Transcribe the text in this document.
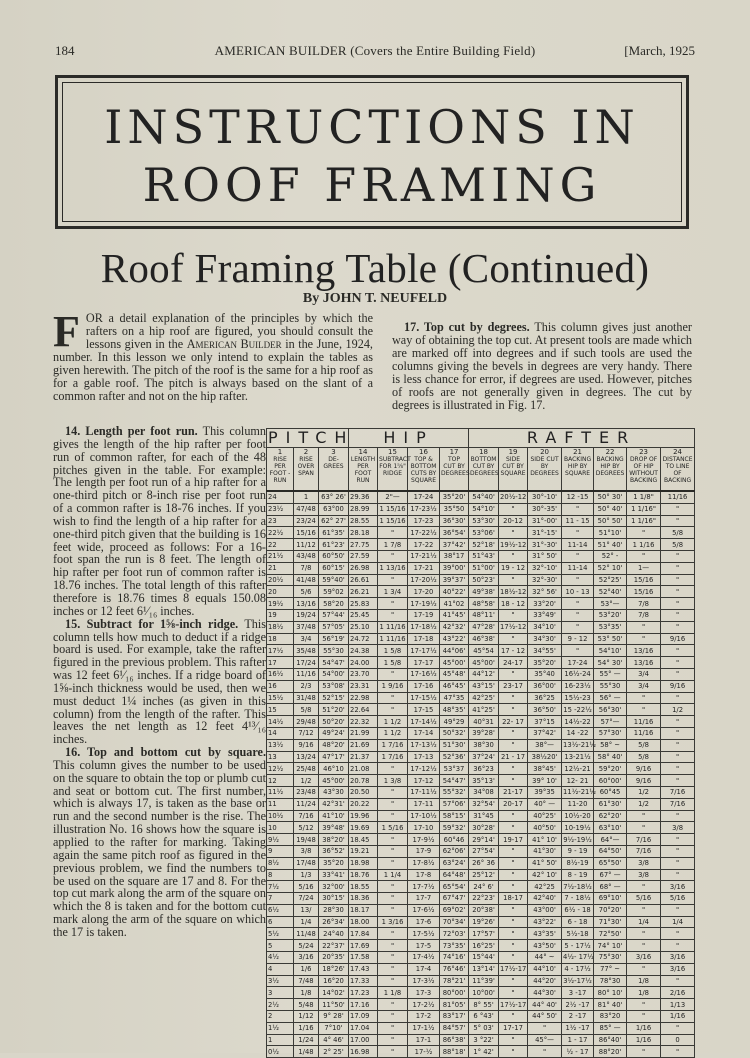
184	AMERICAN BUILDER (Covers the Entire Building Field)	[March, 1925
INSTRUCTIONS IN
ROOF FRAMING
Roof Framing Table (Continued)
By JOHN T. NEUFELD

FOR a detail explanation of the principles by which the rafters on a hip roof are figured, you should consult the lessons given in the American Builder in the June, 1924, number. In this lesson we only intend to explain the tables as given herewith. The pitch of the roof is the same for a hip roof as for a gable roof. The pitch is always based on the slant of a common rafter and not on the hip rafter.

17. Top cut by degrees. This column gives just another way of obtaining the top cut. At present tools are made which are marked off into degrees and if such tools are used the columns giving the bevels in degrees are very handy. There is less chance for error, if degrees are used. However, pitches of roofs are not generally given in degrees. The cut by degrees is illustrated in Fig. 17.

14. Length per foot run. This column gives the length of the hip rafter per foot run of common rafter, for each of the 48 pitches given in the table. For example: The length per foot run of a hip rafter for a one-third pitch or 8-inch rise per foot run of a common rafter is 18-76 inches. If you wish to find the length of a hip rafter for a one-third pitch given that the building is 16 feet wide, proceed as follows: For a 16-foot span the run is 8 feet. The length of hip rafter per foot run of common rafter is 18.76 inches. The total length of this rafter therefore is 18.76 times 8 equals 150.08 inches or 12 feet 6¹⁄₁₆ inches.

15. Subtract for 1⅝-inch ridge. This column tells how much to deduct if a ridge board is used. For example, take the rafter figured in the previous problem. This rafter was 12 feet 6¹⁄₁₆ inches. If a ridge board of 1⅝-inch thickness would be used, then we must deduct 1¼ inches (as given in this column) from the length of the rafter. This leaves the net length as 12 feet 4¹³⁄₁₆ inches.

16. Top and bottom cut by square. This column gives the number to be used on the square to obtain the top or plumb cut and seat or bottom cut. The first number, which is always 17, is taken as the base or run and the second number is the rise. The illustration No. 16 shows how the square is applied to the rafter for marking. Taking again the same pitch roof as figured in the previous problem, we find the numbers to be used on the square are 17 and 8. For the top cut mark along the arm of the square on which the 8 is taken and for the bottom cut mark along the arm of the square on which the 17 is taken.

PITCH			HIP				RAFTER						
1	2	3	14	15	16	17	18	19	20	21	22	23	24
RISE PER FOOT -RUN	RISE OVER SPAN	DE-GREES	LENGTH PER FOOT RUN	SUBTRACT FOR 1⅝" RIDGE	TOP & BOTTOM CUTS BY SQUARE	TOP CUT BY DEGREES	BOTTOM CUT BY DEGREES	SIDE CUT BY SQUARE	SIDE CUT BY DEGREES	BACKING HIP BY SQUARE	BACKING HIP BY DEGREES	DROP OF OF HIP WITHOUT BACKING	DISTANCE TO LINE OF BACKING
24	1	63° 26'	29.36	2"—	17-24	35°20'	54°40'	20½-12	30°-10'	12 -15	50° 30'	1 1/8"	11/16
23½	47/48	63°00	28.99	1 15/16	17-23½	35°50	54°10'	"	30°-35'	"	50° 40'	1 1/16"	"
23	23/24	62° 27'	28.55	1 15/16	17-23	36°30'	53°30'	20-12	31°-00'	11 - 15	50° 50'	1 1/16"	"
22½	15/16	61°35'	28.18	"	17-22½	36°54'	53°06'	"	31°-15'	"	51°10'	"	5/8
22	11/12	61°23'	27.75	1 7/8	17-22	37°42'	52°18'	19½-12	31°-30'	11-14	51° 40'	1 1/16	5/8
21½	43/48	60°50'	27.59	"	17-21½	38°17	51°43'	"	31° 50'	"	52° -	"	"
21	7/8	60°15'	26.98	1 13/16	17-21	39°00'	51°00'	19 - 12	32°-10'	11-14	52° 10'	1—	"
20½	41/48	59°40'	26.61	"	17-20½	39°37'	50°23'	"	32°-30'	"	52°25'	15/16	"
20	5/6	59°02	26.21	1 3/4	17-20	40°22'	49°38'	18½-12	32° 56'	10 - 13	52°40'	15/16	"
19½	13/16	58°20	25.83	"	17-19½	41°02	48°58'	18 - 12	33°20'	"	53°—	7/8	"
19	19/24	57°44'	25.45	"	17-19	41°45'	48°11'	"	33°49'	"	53°20'	7/8	"
18½	37/48	57°05'	25.10	1 11/16	17-18½	42°32'	47°28'	17½-12	34°10'	"	53°35'	"	"
18	3/4	56°19'	24.72	1 11/16	17-18	43°22'	46°38'	"	34°30'	9 - 12	53° 50'	"	9/16
17½	35/48	55°30	24.38	1 5/8	17-17½	44°06'	45°54	17 - 12	34°55'	"	54°10'	13/16	"
17	17/24	54°47'	24.00	1 5/8	17-17	45°00'	45°00'	24-17	35°20'	17-24	54° 30'	13/16	"
16½	11/16	54°00'	23.70	"	17-16½	45°48'	44°12'	"	35°40	16½-24	55° —	3/4	"
16	2/3	53°08'	23.31	1 9/16	17-16	46°45'	43°15'	23-17	36°00'	16-23½	55°30	3/4	9/16
15½	31/48	52°15'	22.98	"	17-15½	47°35	42°25'	"	36°25	15½-23	56° —	"	"
15	5/8	51°20'	22.64	"	17-15	48°35'	41°25'	"	36°50'	15 -22½	56°30'	"	1/2
14½	29/48	50°20'	22.32	1 1/2	17-14½	49°29	40°31	22- 17	37°15	14½-22	57°—	11/16	"
14	7/12	49°24'	21.99	1 1/2	17-14	50°32'	39°28'	"	37°42'	14 -22	57°30'	11/16	"
13½	9/16	48°20'	21.69	1 7/16	17-13½	51°30'	38°30	"	38°—	13½-21½	58° ~	5/8	"
13	13/24	47°17'	21.37	1 7/16	17-13	52°36'	37°24'	21 - 17	38½20'	13-21½	58° 40'	5/8	"
12½	25/48	46°10	21.08	"	17-12½	53°37	36°23	"	38°45'	12½-21	59°20'	9/16	"
12	1/2	45°00'	20.78	1 3/8	17-12	54°47'	35°13'	"	39° 10'	12- 21	60°00'	9/16	"
11½	23/48	43°30	20.50	"	17-11½	55°32'	34°08	21-17	39°35	11½-21½	60°45	1/2	7/16
11	11/24	42°31'	20.22	"	17-11	57°06'	32°54'	20-17	40° —	11-20	61°30'	1/2	7/16
10½	7/16	41°10'	19.96	"	17-10½	58°15'	31°45	"	40°25'	10½-20	62°20'	"	"
10	5/12	39°48'	19.69	1 5/16	17-10	59°32'	30°28'	"	40°50'	10-19½	63°10'	"	3/8
9½	19/48	38°20'	18.45	"	17-9½	60°46	29°14'	19-17	41° 10'	9½-19½	64°—	7/16	"
9	3/8	36°52'	19.21	"	17-9	62°06'	27°54'	"	41°30'	9 - 19	64°50'	7/16	"
8½	17/48	35°20	18.98	"	17-8½	63°24'	26° 36	"	41° 50'	8½-19	65°50'	3/8	"
8	1/3	33°41'	18.76	1 1/4	17-8	64°48'	25°12'	"	42° 10'	8 - 19	67° —	3/8	"
7½	5/16	32°00'	18.55	"	17-7½	65°54'	24° 6'	"	42°25	7½-18½	68° —	"	3/16
7	7/24	30°15'	18.36	"	17-7	67°47'	22°23'	18-17	42°40'	7 - 18½	69°10'	5/16	5/16
6½	13/	28°30	18.17	"	17-6½	69°02'	20°38'	"	43°00'	6½ - 18	70°20'	"	"
6	1/4	26°34'	18.00	1 3/16	17-6	70°34'	19°26'	"	43°22'	6 - 18	71°30'	1/4	1/4
5½	11/48	24°40	17.84	"	17-5½	72°03'	17°57'	"	43°35'	5½-18	72°50'	"	"
5	5/24	22°37'	17.69	"	17-5	73°35'	16°25'	"	43°50'	5 - 17½	74° 10'	"	"
4½	3/16	20°35'	17.58	"	17-4½	74°16'	15°44'	"	44° ~	4½- 17½	75°30'	3/16	3/16
4	1/6	18°26'	17.43	"	17-4	76°46'	13°14'	17½-17	44°10'	4 - 17½	77° ~	"	3/16
3½	7/48	16°20	17.33	"	17-3½	78°21'	11°39'	"	44°20'	3½-17½	78°30	1/8	"
3	1/8	14°02'	17.23	1 1/8	17-3	80°00'	10°00'	"	44°30'	3 -17	80° 10'	1/8	2/16
2½	5/48	11°50'	17.16	"	17-2½	81°05'	8° 55'	17½-17	44° 40'	2½ -17	81° 40'	"	1/13
2	1/12	9° 28'	17.09	"	17-2	83°17'	6 °43'	"	44° 50'	2 -17	83°20	"	1/16
1½	1/16	7°10'	17.04	"	17-1½	84°57'	5° 03'	17-17	"	1½ -17	85° —	1/16	"
1	1/24	4° 46'	17.00	"	17-1	86°38'	3 °22'	"	45°—	1 - 17	86°40'	1/16	0
0½	1/48	2° 25'	16.98	"	17-½	88°18'	1° 42'	"	"	½ - 17	88°20'	"	"
